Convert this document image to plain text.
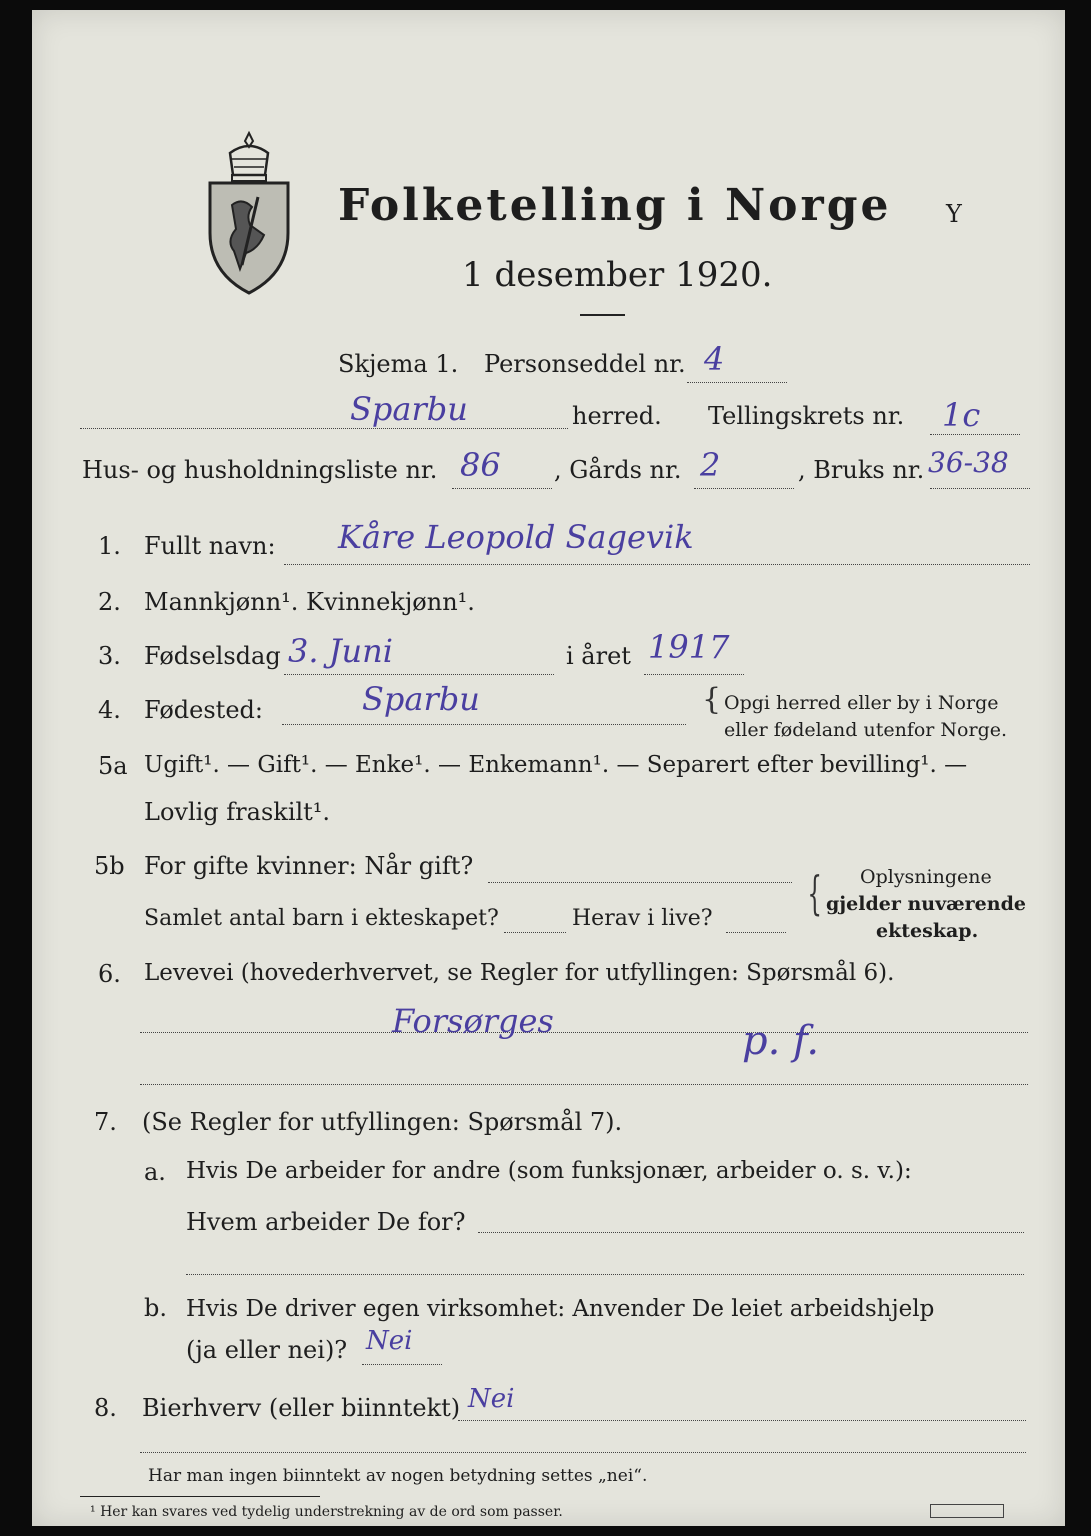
Folketelling i Norge Y
1 desember 1920.
Skjema 1. Personseddel nr. 4
Sparbu	herred. Tellingskrets nr. 1c
Hus- og husholdningsliste nr. 86 , Gårds nr. 2	, Bruks nr. 36-38
1. Fullt navn: Kåre Leopold Sagevik
2. Mannkjønn¹. Kvinnekjønn¹.
3. Fødselsdag 3. Juni	i året 1917
4. Fødested:	Sparbu	{ Opgi herred eller by i Norge
eller fødeland utenfor Norge.
5a Ugift¹. — Gift¹. — Enke¹. — Enkemann¹. — Separert efter bevilling¹. —
Lovlig fraskilt¹.
5b For gifte kvinner: Når gift?
Samlet antal barn i ekteskapet?	Herav i live? { Oplysningene
gjelder nuværende
ekteskap.
6. Levevei (hovederhvervet, se Regler for utfyllingen: Spørsmål 6).
Forsørges	p. f.
7. (Se Regler for utfyllingen: Spørsmål 7).
a. Hvis De arbeider for andre (som funksjonær, arbeider o. s. v.):
Hvem arbeider De for?
b. Hvis De driver egen virksomhet: Anvender De leiet arbeidshjelp
(ja eller nei)? Nei
8. Bierhverv (eller biinntekt) Nei
Har man ingen biinntekt av nogen betydning settes „nei“.
¹ Her kan svares ved tydelig understrekning av de ord som passer.
